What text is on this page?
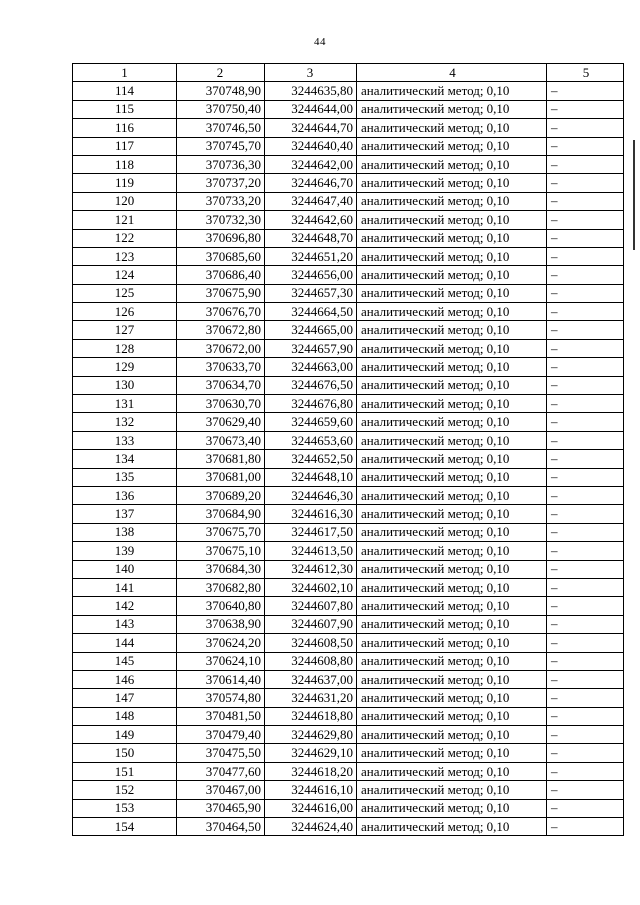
44
1	2	3	4	5
114	370748,90	3244635,80	аналитический метод; 0,10	–
115	370750,40	3244644,00	аналитический метод; 0,10	–
116	370746,50	3244644,70	аналитический метод; 0,10	–
117	370745,70	3244640,40	аналитический метод; 0,10	–
118	370736,30	3244642,00	аналитический метод; 0,10	–
119	370737,20	3244646,70	аналитический метод; 0,10	–
120	370733,20	3244647,40	аналитический метод; 0,10	–
121	370732,30	3244642,60	аналитический метод; 0,10	–
122	370696,80	3244648,70	аналитический метод; 0,10	–
123	370685,60	3244651,20	аналитический метод; 0,10	–
124	370686,40	3244656,00	аналитический метод; 0,10	–
125	370675,90	3244657,30	аналитический метод; 0,10	–
126	370676,70	3244664,50	аналитический метод; 0,10	–
127	370672,80	3244665,00	аналитический метод; 0,10	–
128	370672,00	3244657,90	аналитический метод; 0,10	–
129	370633,70	3244663,00	аналитический метод; 0,10	–
130	370634,70	3244676,50	аналитический метод; 0,10	–
131	370630,70	3244676,80	аналитический метод; 0,10	–
132	370629,40	3244659,60	аналитический метод; 0,10	–
133	370673,40	3244653,60	аналитический метод; 0,10	–
134	370681,80	3244652,50	аналитический метод; 0,10	–
135	370681,00	3244648,10	аналитический метод; 0,10	–
136	370689,20	3244646,30	аналитический метод; 0,10	–
137	370684,90	3244616,30	аналитический метод; 0,10	–
138	370675,70	3244617,50	аналитический метод; 0,10	–
139	370675,10	3244613,50	аналитический метод; 0,10	–
140	370684,30	3244612,30	аналитический метод; 0,10	–
141	370682,80	3244602,10	аналитический метод; 0,10	–
142	370640,80	3244607,80	аналитический метод; 0,10	–
143	370638,90	3244607,90	аналитический метод; 0,10	–
144	370624,20	3244608,50	аналитический метод; 0,10	–
145	370624,10	3244608,80	аналитический метод; 0,10	–
146	370614,40	3244637,00	аналитический метод; 0,10	–
147	370574,80	3244631,20	аналитический метод; 0,10	–
148	370481,50	3244618,80	аналитический метод; 0,10	–
149	370479,40	3244629,80	аналитический метод; 0,10	–
150	370475,50	3244629,10	аналитический метод; 0,10	–
151	370477,60	3244618,20	аналитический метод; 0,10	–
152	370467,00	3244616,10	аналитический метод; 0,10	–
153	370465,90	3244616,00	аналитический метод; 0,10	–
154	370464,50	3244624,40	аналитический метод; 0,10	–
